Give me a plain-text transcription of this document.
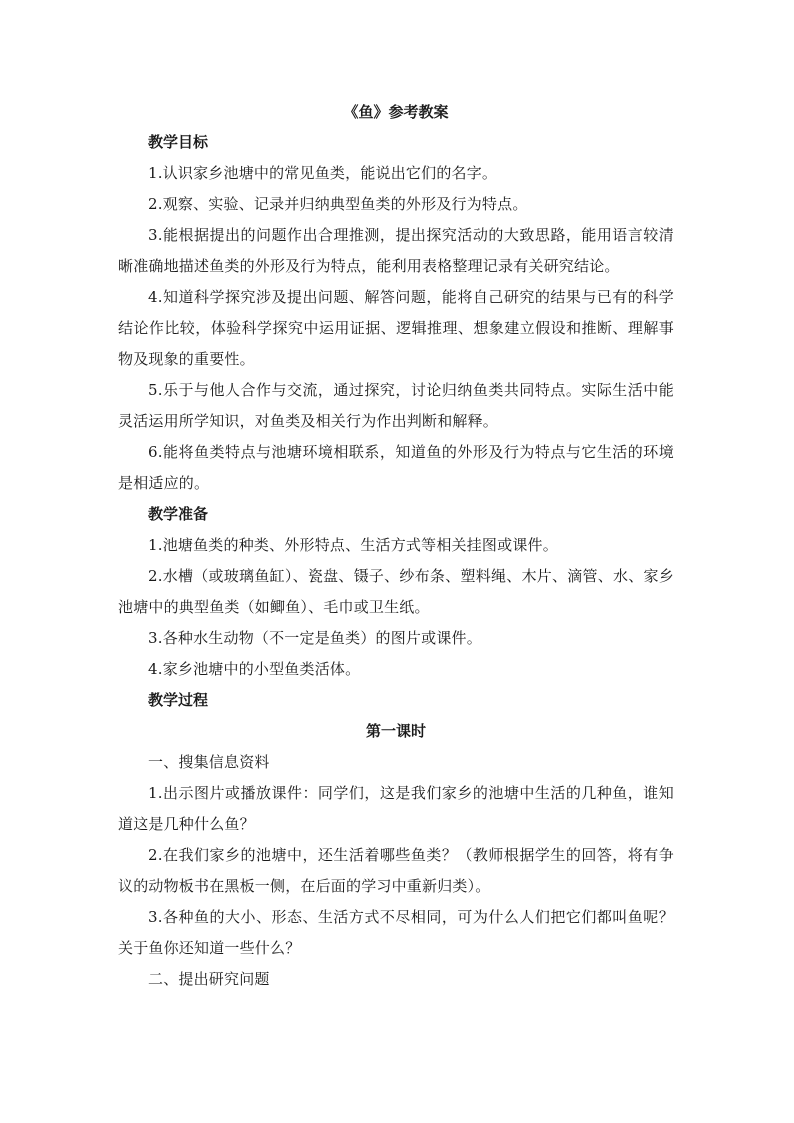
《鱼》参考教案

教学目标

1.认识家乡池塘中的常见鱼类，能说出它们的名字。

2.观察、实验、记录并归纳典型鱼类的外形及行为特点。

3.能根据提出的问题作出合理推测，提出探究活动的大致思路，能用语言较清晰准确地描述鱼类的外形及行为特点，能利用表格整理记录有关研究结论。

4.知道科学探究涉及提出问题、解答问题，能将自己研究的结果与已有的科学结论作比较，体验科学探究中运用证据、逻辑推理、想象建立假设和推断、理解事物及现象的重要性。

5.乐于与他人合作与交流，通过探究，讨论归纳鱼类共同特点。实际生活中能灵活运用所学知识，对鱼类及相关行为作出判断和解释。

6.能将鱼类特点与池塘环境相联系，知道鱼的外形及行为特点与它生活的环境是相适应的。

教学准备

1.池塘鱼类的种类、外形特点、生活方式等相关挂图或课件。

2.水槽（或玻璃鱼缸）、瓷盘、镊子、纱布条、塑料绳、木片、滴管、水、家乡池塘中的典型鱼类（如鲫鱼）、毛巾或卫生纸。

3.各种水生动物（不一定是鱼类）的图片或课件。

4.家乡池塘中的小型鱼类活体。

教学过程

第一课时

一、搜集信息资料

1.出示图片或播放课件：同学们，这是我们家乡的池塘中生活的几种鱼，谁知道这是几种什么鱼？

2.在我们家乡的池塘中，还生活着哪些鱼类？（教师根据学生的回答，将有争议的动物板书在黑板一侧，在后面的学习中重新归类）。

3.各种鱼的大小、形态、生活方式不尽相同，可为什么人们把它们都叫鱼呢？关于鱼你还知道一些什么？

二、提出研究问题
